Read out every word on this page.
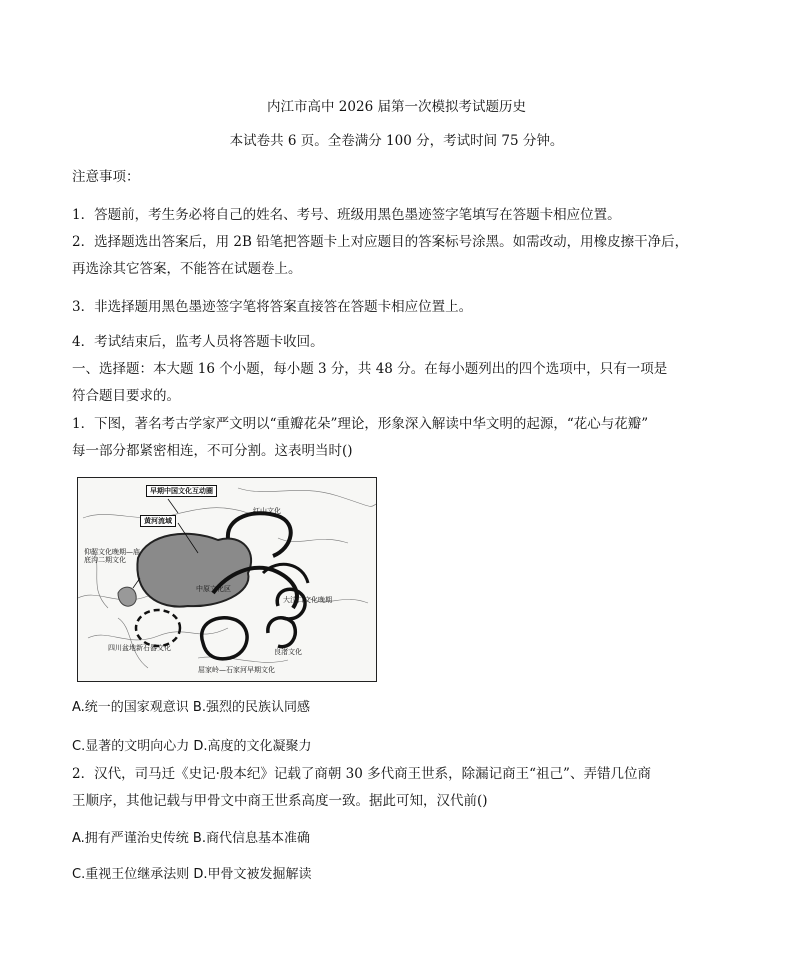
内江市高中 2026 届第一次模拟考试题历史
本试卷共 6 页。全卷满分 100 分，考试时间 75 分钟。
注意事项：
1．答题前，考生务必将自己的姓名、考号、班级用黑色墨迹签字笔填写在答题卡相应位置。
2．选择题选出答案后，用 2B 铅笔把答题卡上对应题目的答案标号涂黑。如需改动，用橡皮擦干净后，
再选涂其它答案，不能答在试题卷上。
3．非选择题用黑色墨迹签字笔将答案直接答在答题卡相应位置上。
4．考试结束后，监考人员将答题卡收回。
一、选择题：本大题 16 个小题，每小题 3 分，共 48 分。在每小题列出的四个选项中，只有一项是
符合题目要求的。
1．下图，著名考古学家严文明以“重瓣花朵”理论，形象深入解读中华文明的起源，“花心与花瓣”
每一部分都紧密相连，不可分割。这表明当时()
早期中国文化互动圈
黄河流域
红山文化
仰韶文化晚期—庙底沟二期文化
中原文化区
大汶口文化晚期
四川盆地新石器文化	良渚文化
屈家岭—石家河早期文化
A.统一的国家观意识 B.强烈的民族认同感
C.显著的文明向心力 D.高度的文化凝聚力
2．汉代，司马迁《史记·殷本纪》记载了商朝 30 多代商王世系，除漏记商王“祖己”、弄错几位商
王顺序，其他记载与甲骨文中商王世系高度一致。据此可知，汉代前()
A.拥有严谨治史传统 B.商代信息基本准确
C.重视王位继承法则 D.甲骨文被发掘解读
